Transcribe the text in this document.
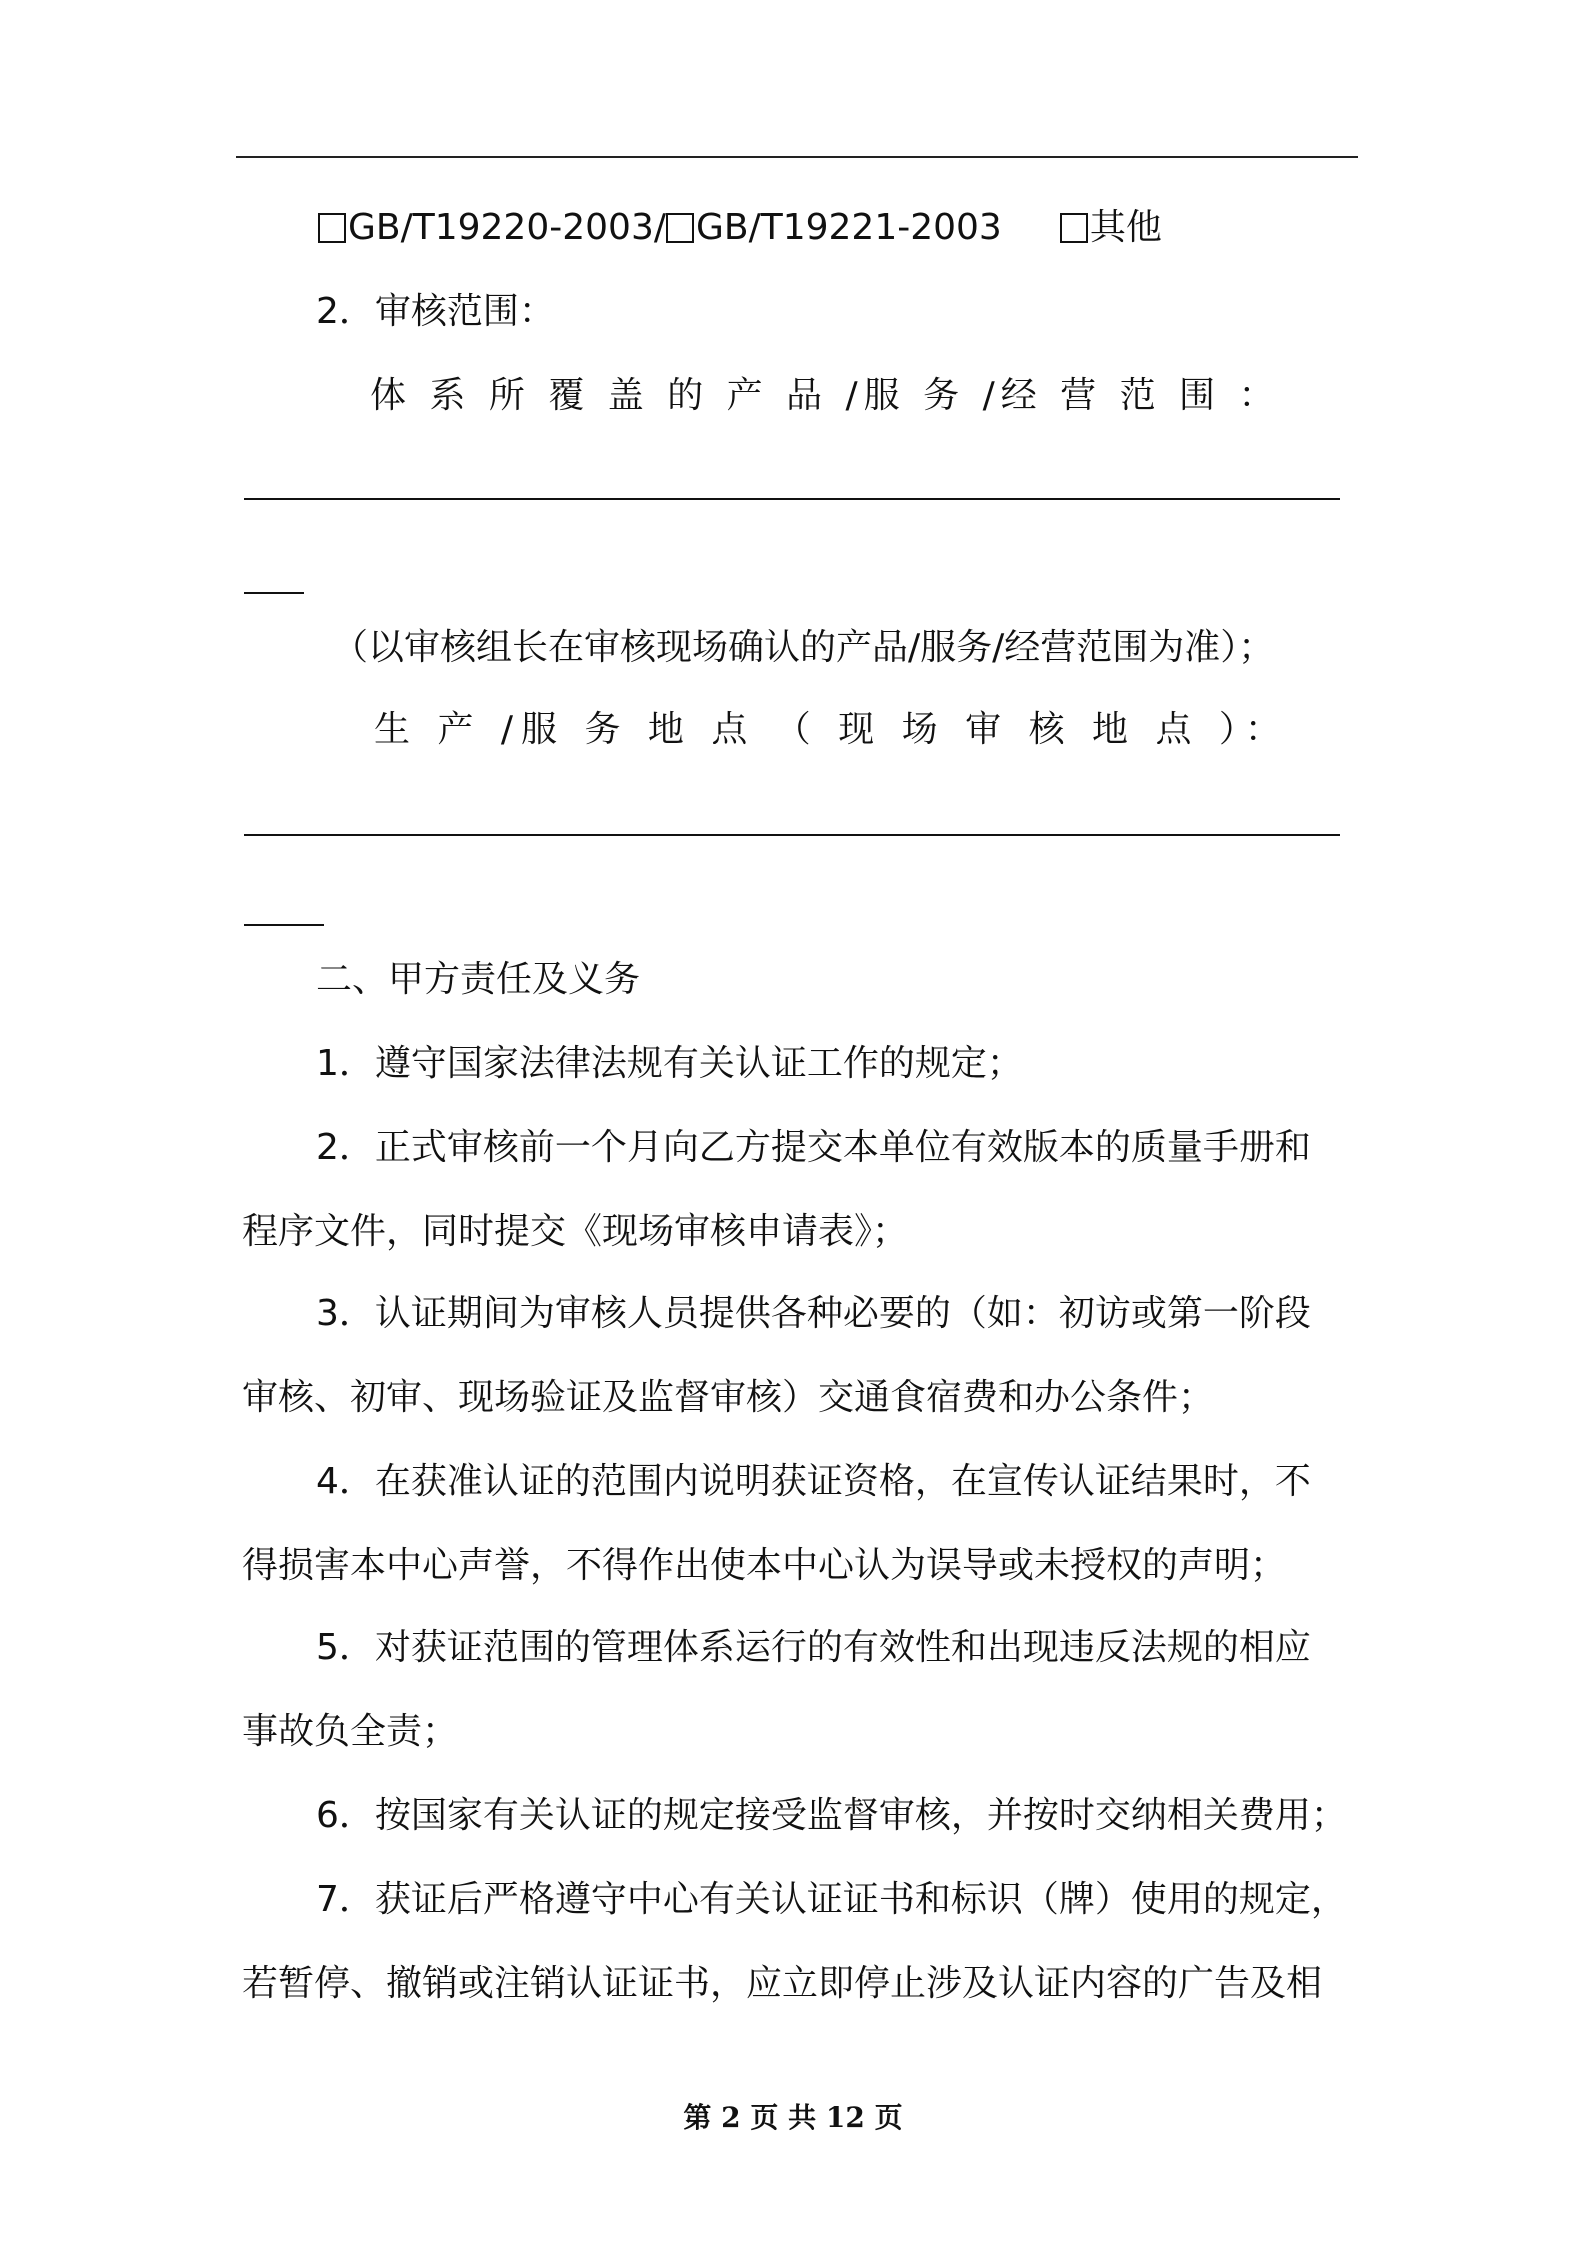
GB/T19220-2003/ GB/T19221-2003 其他
2．审核范围：
体 系 所 覆 盖 的 产 品 /服 务 /经 营 范 围 ：
（以审核组长在审核现场确认的产品/服务/经营范围为准）；
生 产 /服 务 地 点 （ 现 场 审 核 地 点 ）：
二、甲方责任及义务
1．遵守国家法律法规有关认证工作的规定；
2．正式审核前一个月向乙方提交本单位有效版本的质量手册和
程序文件，同时提交《现场审核申请表》；
3．认证期间为审核人员提供各种必要的（如：初访或第一阶段
审核、初审、现场验证及监督审核）交通食宿费和办公条件；
4．在获准认证的范围内说明获证资格，在宣传认证结果时，不
得损害本中心声誉，不得作出使本中心认为误导或未授权的声明；
5．对获证范围的管理体系运行的有效性和出现违反法规的相应
事故负全责；
6．按国家有关认证的规定接受监督审核，并按时交纳相关费用；
7．获证后严格遵守中心有关认证证书和标识（牌）使用的规定，
若暂停、撤销或注销认证证书，应立即停止涉及认证内容的广告及相
第 2 页 共 12 页
